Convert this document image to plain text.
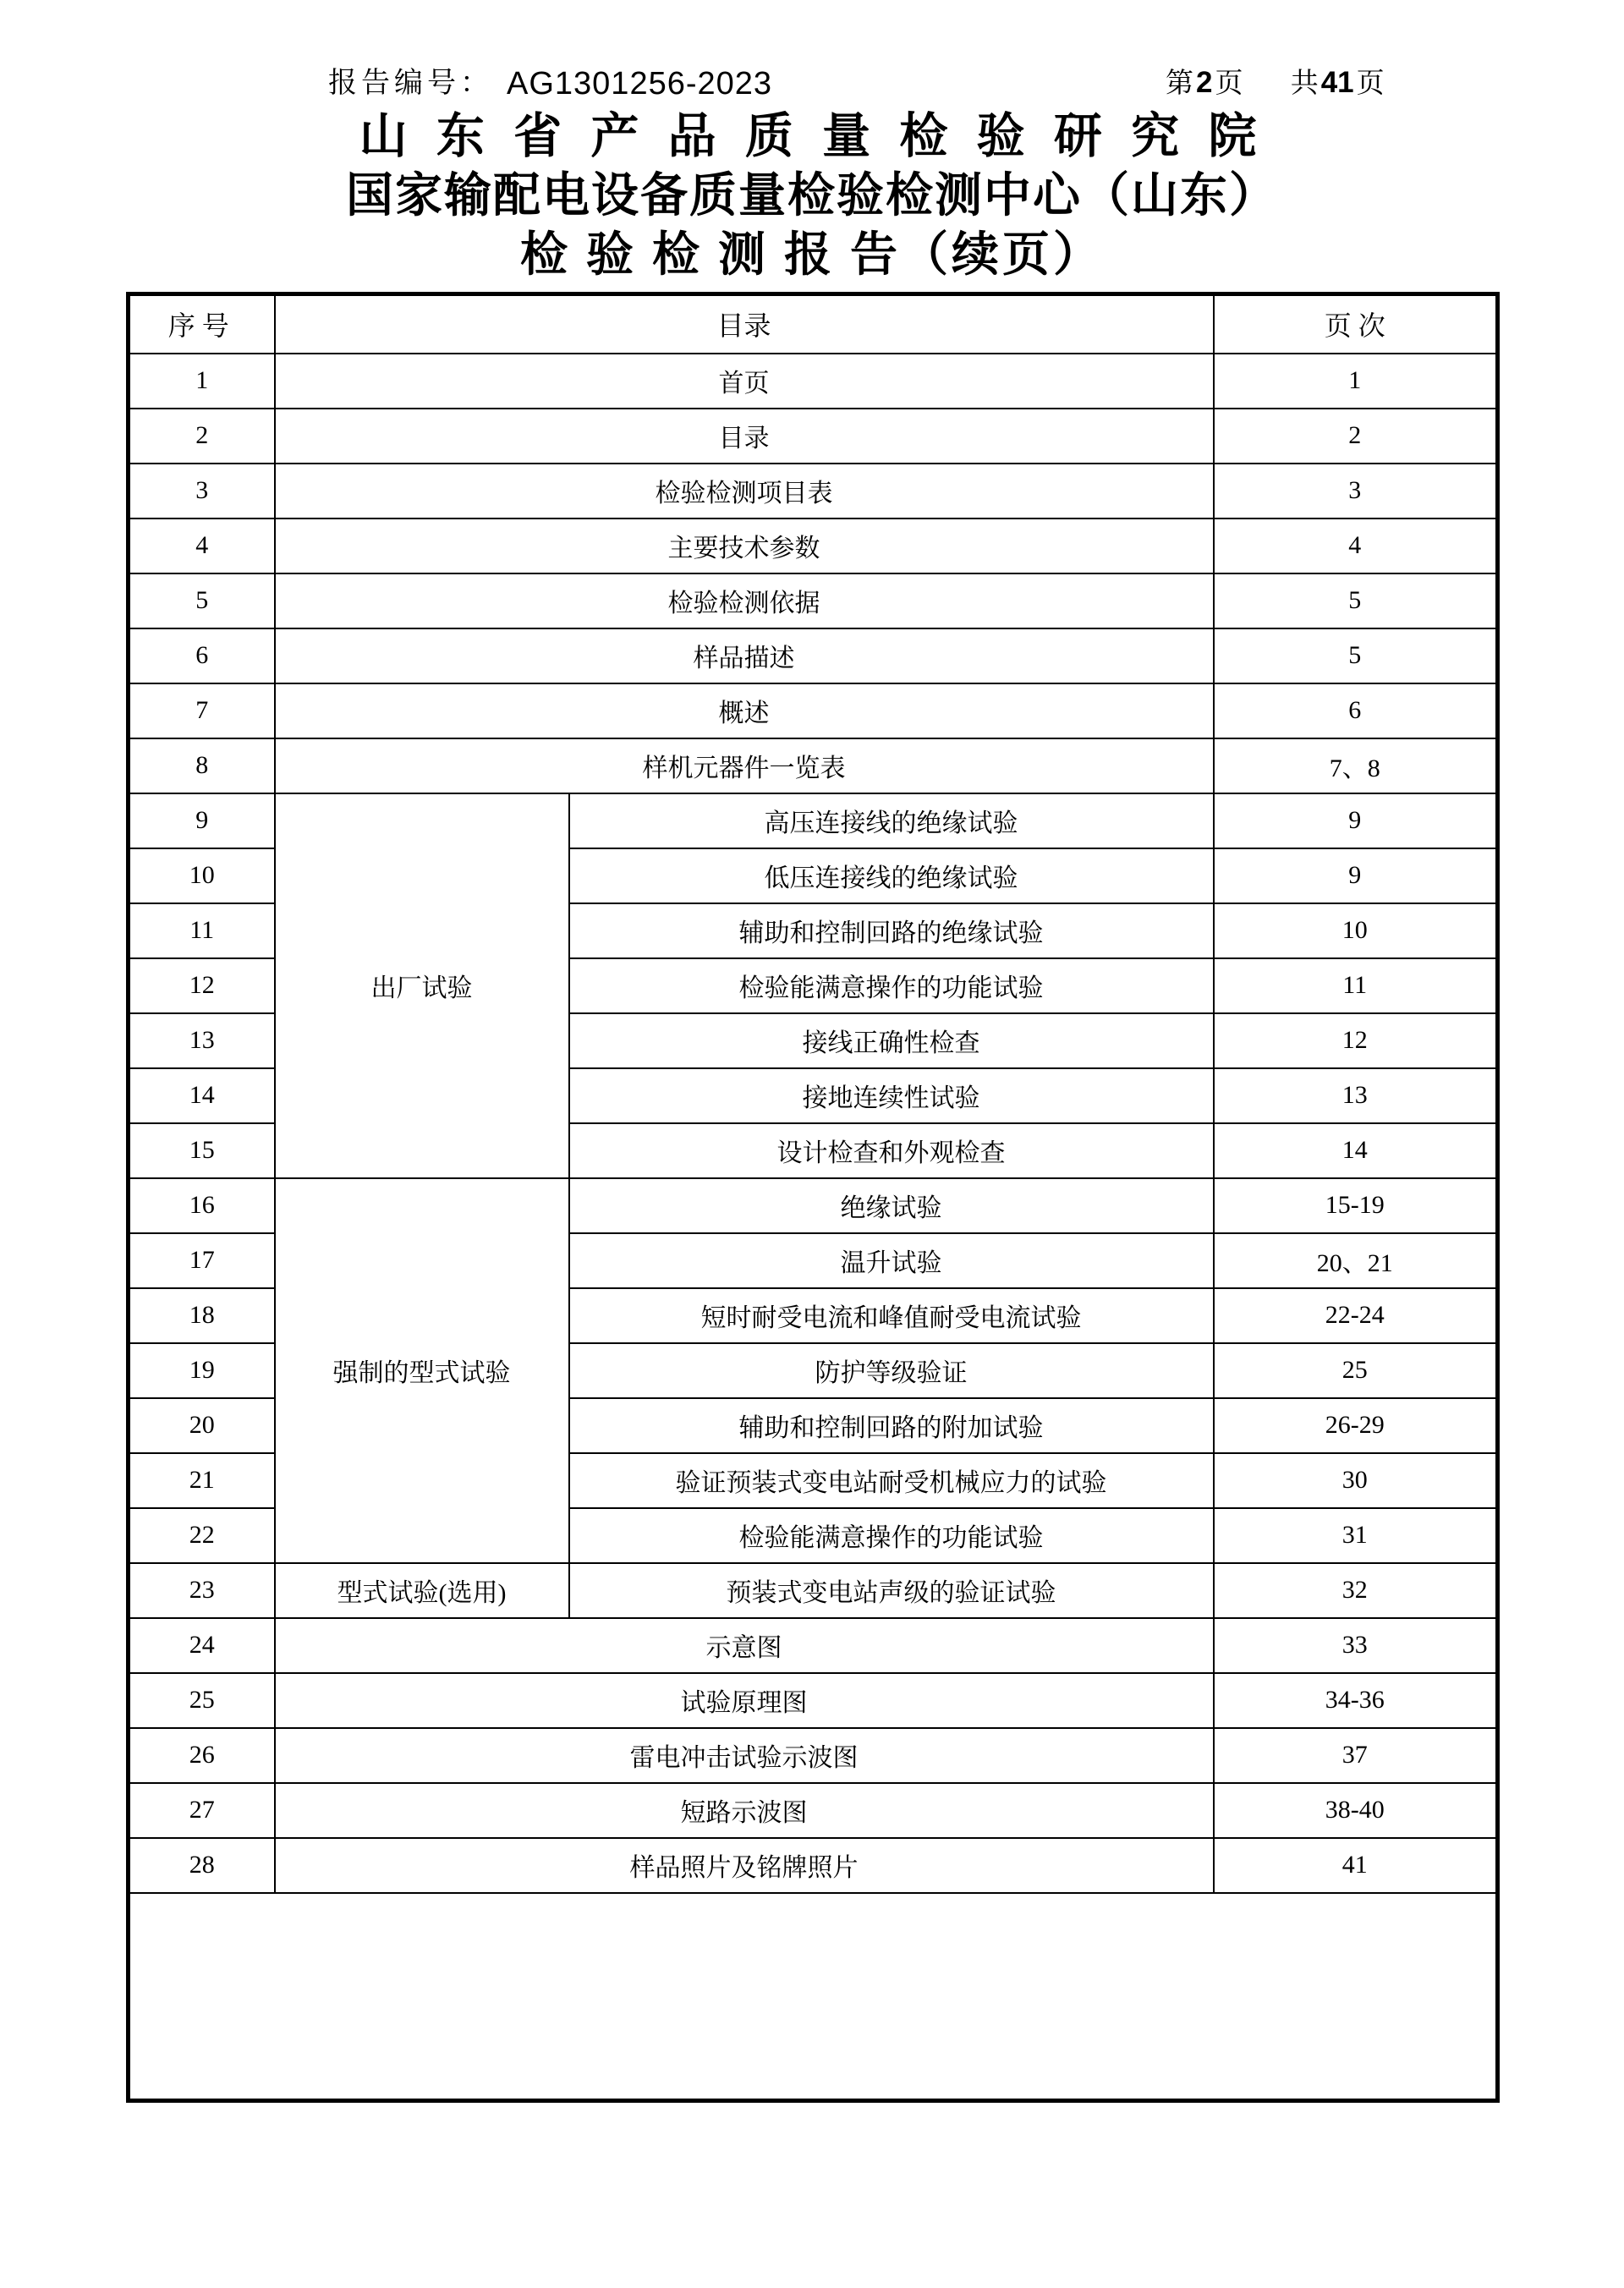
报告编号： AG1301256-2023	第2页 共41页
山 东 省 产 品 质 量 检 验 研 究 院
国家输配电设备质量检验检测中心（山东）
检 验 检 测 报 告（续页）
序号	目录		页 次
1	首页		1
2	目录		2
3	检验检测项目表		3
4	主要技术参数		4
5	检验检测依据		5
6	样品描述		5
7	概述		6
8	样机元器件一览表		7、8
9	出厂试验	高压连接线的绝缘试验	9
10		低压连接线的绝缘试验	9
11		辅助和控制回路的绝缘试验	10
12		检验能满意操作的功能试验	11
13		接线正确性检查	12
14		接地连续性试验	13
15		设计检查和外观检查	14
16	强制的型式试验	绝缘试验	15-19
17		温升试验	20、21
18		短时耐受电流和峰值耐受电流试验	22-24
19		防护等级验证	25
20		辅助和控制回路的附加试验	26-29
21		验证预装式变电站耐受机械应力的试验	30
22		检验能满意操作的功能试验	31
23	型式试验(选用)	预装式变电站声级的验证试验	32
24	示意图		33
25	试验原理图		34-36
26	雷电冲击试验示波图		37
27	短路示波图		38-40
28	样品照片及铭牌照片		41
